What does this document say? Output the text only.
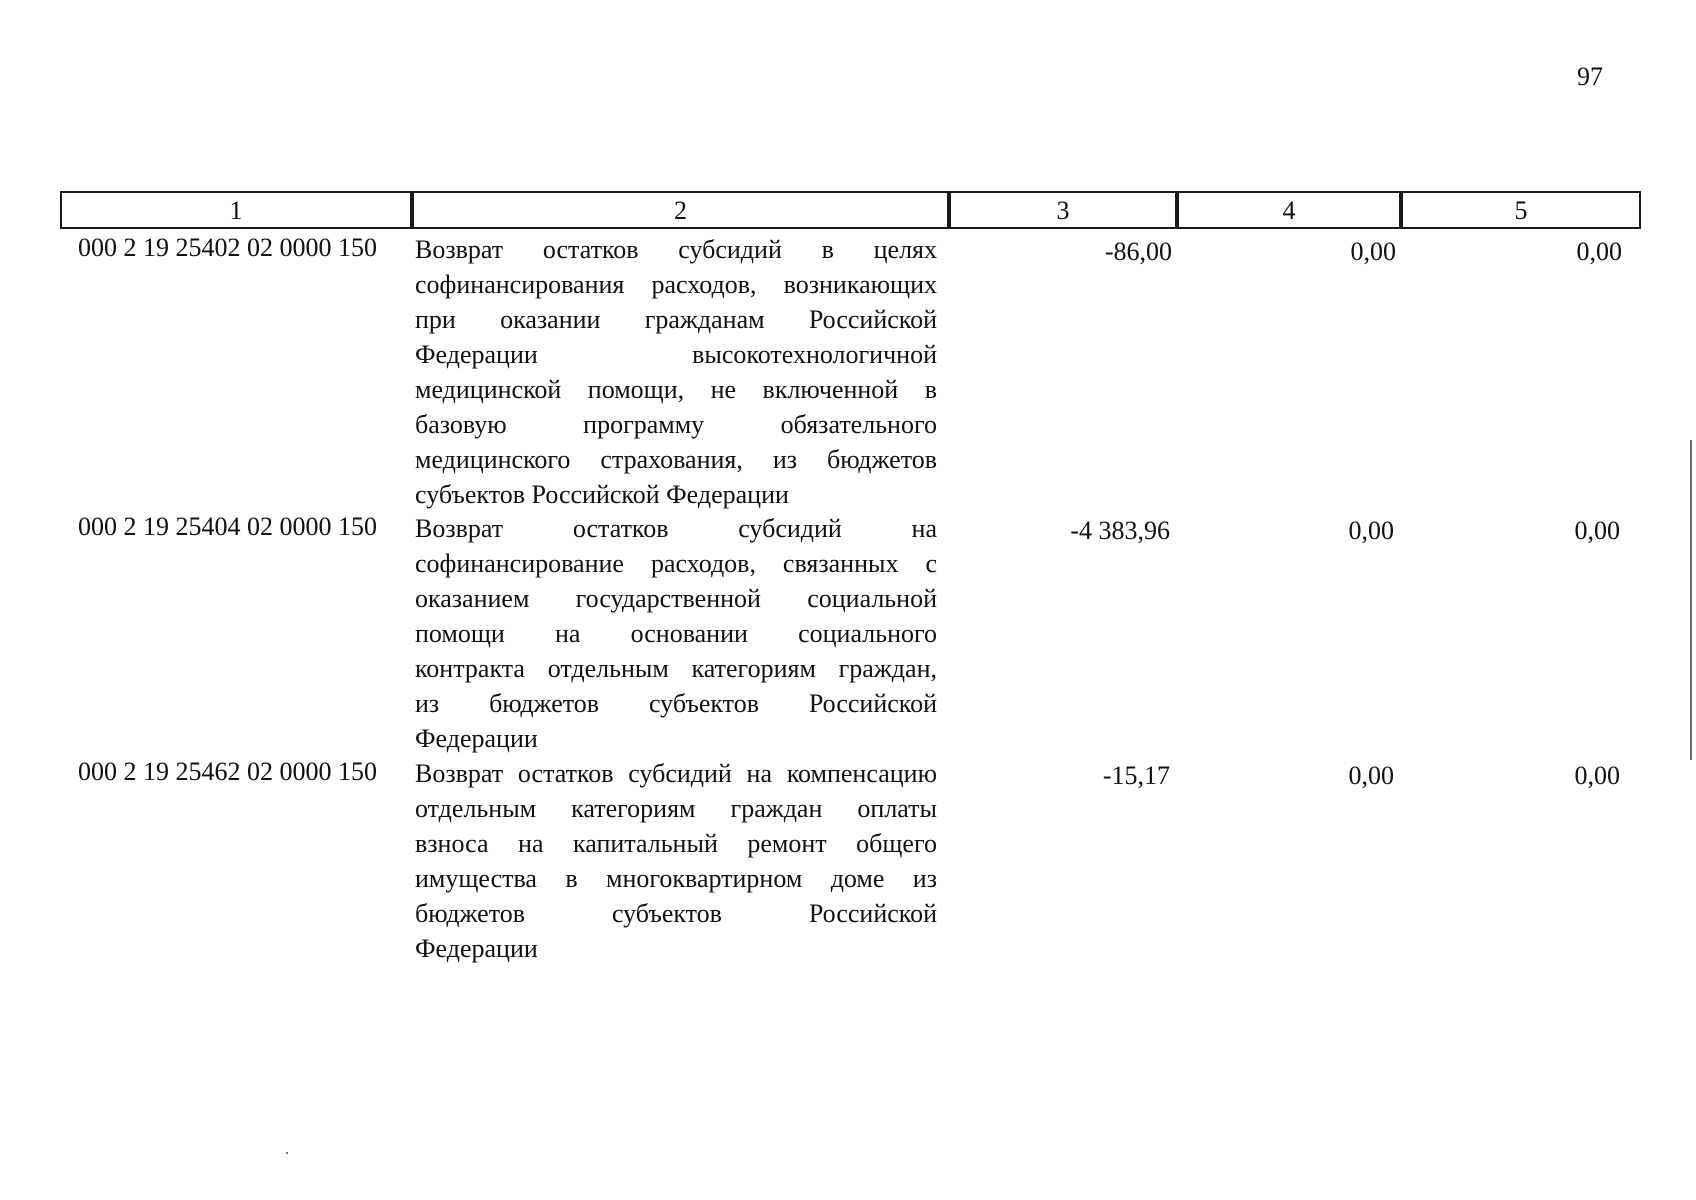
97
1	2	3	4	5
000 2 19 25402 02 0000 150	Возврат остатков субсидий в целях
софинансирования расходов, возникающих
при оказании гражданам Российской
Федерации высокотехнологичной
медицинской помощи, не включенной в
базовую программу обязательного
медицинского страхования, из бюджетов
субъектов Российской Федерации
-86,00	0,00	0,00
000 2 19 25404 02 0000 150	Возврат остатков субсидий на
софинансирование расходов, связанных с
оказанием государственной социальной
помощи на основании социального
контракта отдельным категориям граждан,
из бюджетов субъектов Российской
Федерации
-4 383,96	0,00	0,00
000 2 19 25462 02 0000 150	Возврат остатков субсидий на компенсацию
отдельным категориям граждан оплаты
взноса на капитальный ремонт общего
имущества в многоквартирном доме из
бюджетов субъектов Российской
Федерации
-15,17	0,00	0,00
